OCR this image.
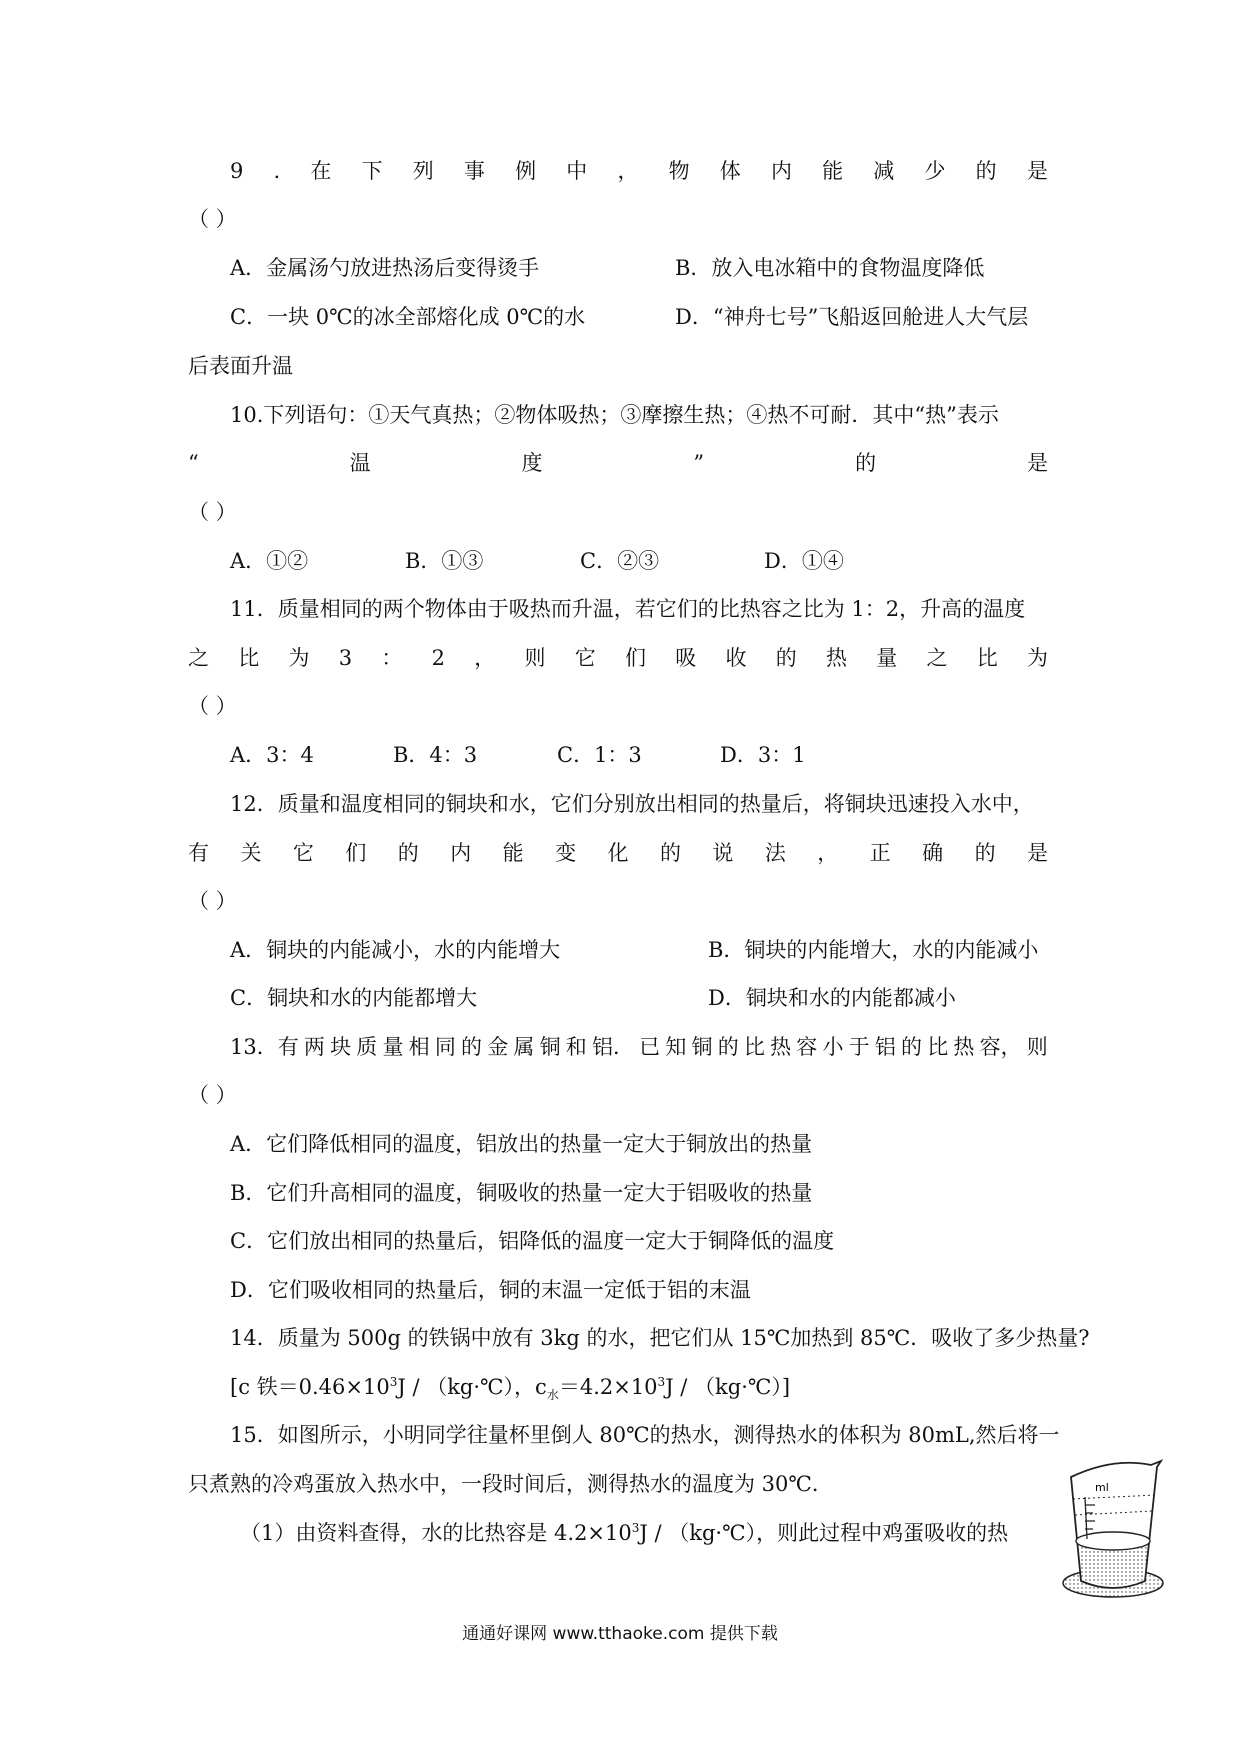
9 . 在 下 列 事 例 中 ， 物 体 内 能 减 少 的 是
（ ）
A．金属汤勺放进热汤后变得烫手	B．放入电冰箱中的食物温度降低
C．一块 0℃的冰全部熔化成 0℃的水	D．“神舟七号”飞船返回舱进人大气层
后表面升温
10.下列语句：①天气真热；②物体吸热；③摩擦生热；④热不可耐．其中“热”表示
“	温	度	”	的	是
（ ）
A．①②	B．①③	C．②③	D．①④
11．质量相同的两个物体由于吸热而升温，若它们的比热容之比为 1：2，升高的温度
之 比 为 3 ： 2 ， 则 它 们 吸 收 的 热 量 之 比 为
（ ）
A．3：4	B．4：3	C．1：3	D．3：1
12．质量和温度相同的铜块和水，它们分别放出相同的热量后，将铜块迅速投入水中，
有 关 它 们 的 内 能 变 化 的 说 法 ， 正 确 的 是
（ ）
A．铜块的内能减小，水的内能增大	B．铜块的内能增大，水的内能减小
C．铜块和水的内能都增大	D．铜块和水的内能都减小
13．有 两 块 质 量 相 同 的 金 属 铜 和 铝． 已 知 铜 的 比 热 容 小 于 铝 的 比 热 容， 则
（ ）
A．它们降低相同的温度，铝放出的热量一定大于铜放出的热量
B．它们升高相同的温度，铜吸收的热量一定大于铝吸收的热量
C．它们放出相同的热量后，铝降低的温度一定大于铜降低的温度
D．它们吸收相同的热量后，铜的末温一定低于铝的末温
14．质量为 500g 的铁锅中放有 3kg 的水，把它们从 15℃加热到 85℃．吸收了多少热量?
[c 铁$=0.46\times 10^3J$ / （kg·℃），$c_水=4.2\times 10^3J$ / （kg·℃）]
15．如图所示，小明同学往量杯里倒人 80℃的热水，测得热水的体积为 80mL,然后将一
只煮熟的冷鸡蛋放入热水中，一段时间后，测得热水的温度为 30℃．
（1）由资料查得，水的比热容是 $4.2\times 10^3J$ / （kg·℃），则此过程中鸡蛋吸收的热
ml
通通好课网 www.tthaoke.com 提供下载
